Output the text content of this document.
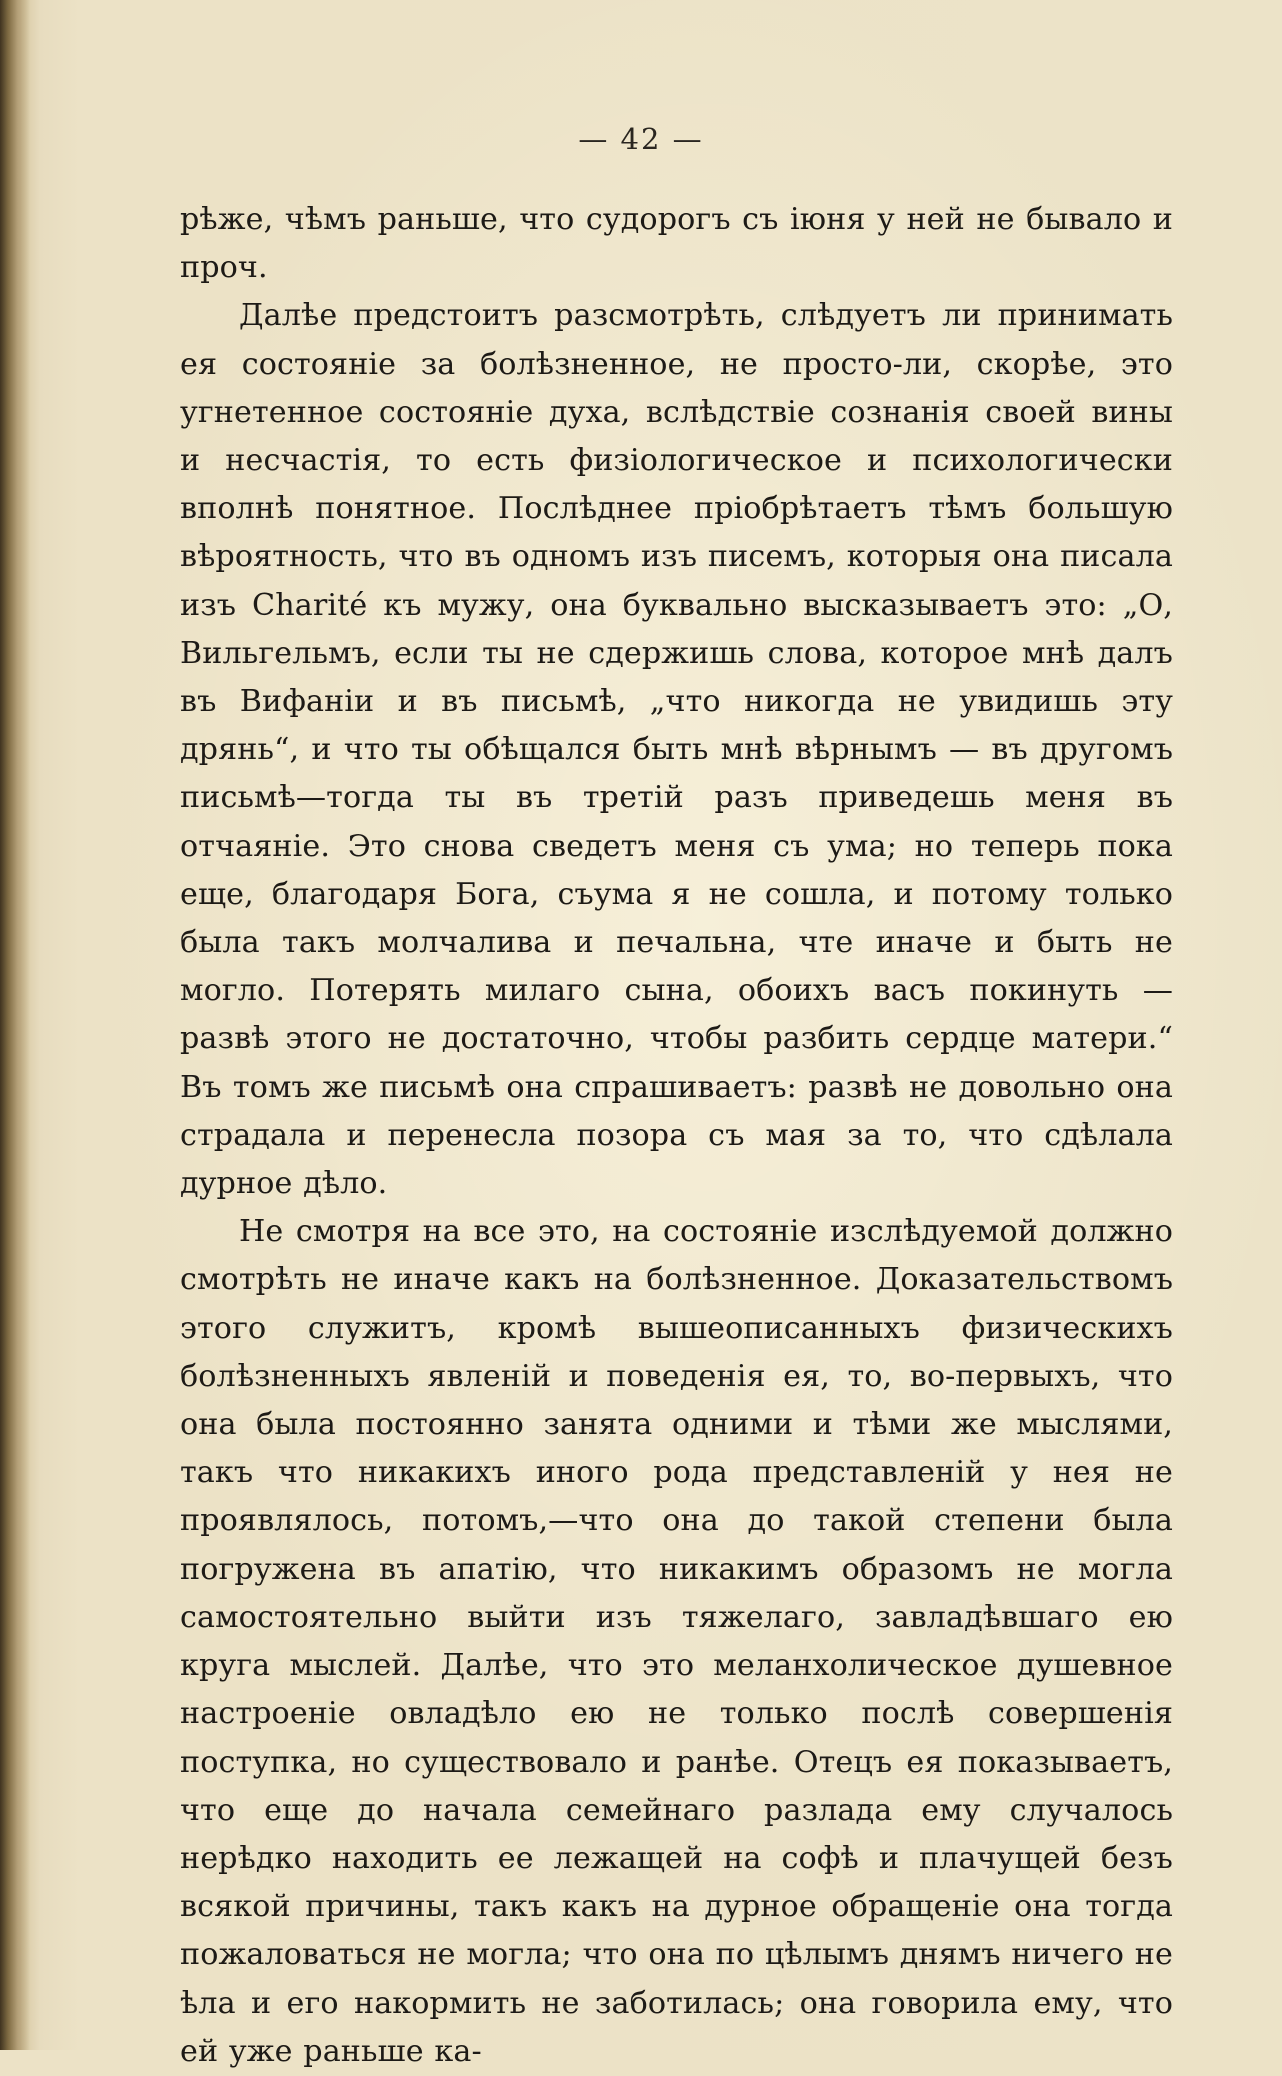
— 42 —

рѣже, чѣмъ раньше, что судорогъ съ іюня у ней не бывало и проч.

Далѣе предстоитъ разсмотрѣть, слѣдуетъ ли принимать ея состояніе за болѣзненное, не просто-ли, скорѣе, это угнетенное состояніе духа, вслѣдствіе сознанія своей вины и несчастія, то есть физіологическое и психологически вполнѣ понятное. Послѣднее пріобрѣтаетъ тѣмъ большую вѣроятность, что въ одномъ изъ писемъ, которыя она писала изъ Charité къ мужу, она буквально высказываетъ это: „О, Вильгельмъ, если ты не сдержишь слова, которое мнѣ далъ въ Вифаніи и въ письмѣ, „что никогда не увидишь эту дрянь“, и что ты обѣщался быть мнѣ вѣрнымъ — въ другомъ письмѣ—тогда ты въ третій разъ приведешь меня въ отчаяніе. Это снова сведетъ меня съ ума; но теперь пока еще, благодаря Бога, съума я не сошла, и потому только была такъ молчалива и печальна, чте иначе и быть не могло. Потерять милаго сына, обоихъ васъ покинуть — развѣ этого не достаточно, чтобы разбить сердце матери.“ Въ томъ же письмѣ она спрашиваетъ: развѣ не довольно она страдала и перенесла позора съ мая за то, что сдѣлала дурное дѣло.

Не смотря на все это, на состояніе изслѣдуемой должно смотрѣть не иначе какъ на болѣзненное. Доказательствомъ этого служитъ, кромѣ вышеописанныхъ физическихъ болѣзненныхъ явленій и поведенія ея, то, во-первыхъ, что она была постоянно занята одними и тѣми же мыслями, такъ что никакихъ иного рода представленій у нея не проявлялось, потомъ,—что она до такой степени была погружена въ апатію, что никакимъ образомъ не могла самостоятельно выйти изъ тяжелаго, завладѣвшаго ею круга мыслей. Далѣе, что это меланхолическое душевное настроеніе овладѣло ею не только послѣ совершенія поступка, но существовало и ранѣе. Отецъ ея показываетъ, что еще до начала семейнаго разлада ему случалось нерѣдко находить ее лежащей на софѣ и плачущей безъ всякой причины, такъ какъ на дурное обращеніе она тогда пожаловаться не могла; что она по цѣлымъ днямъ ничего не ѣла и его накормить не заботилась; она говорила ему, что ей уже раньше ка-
